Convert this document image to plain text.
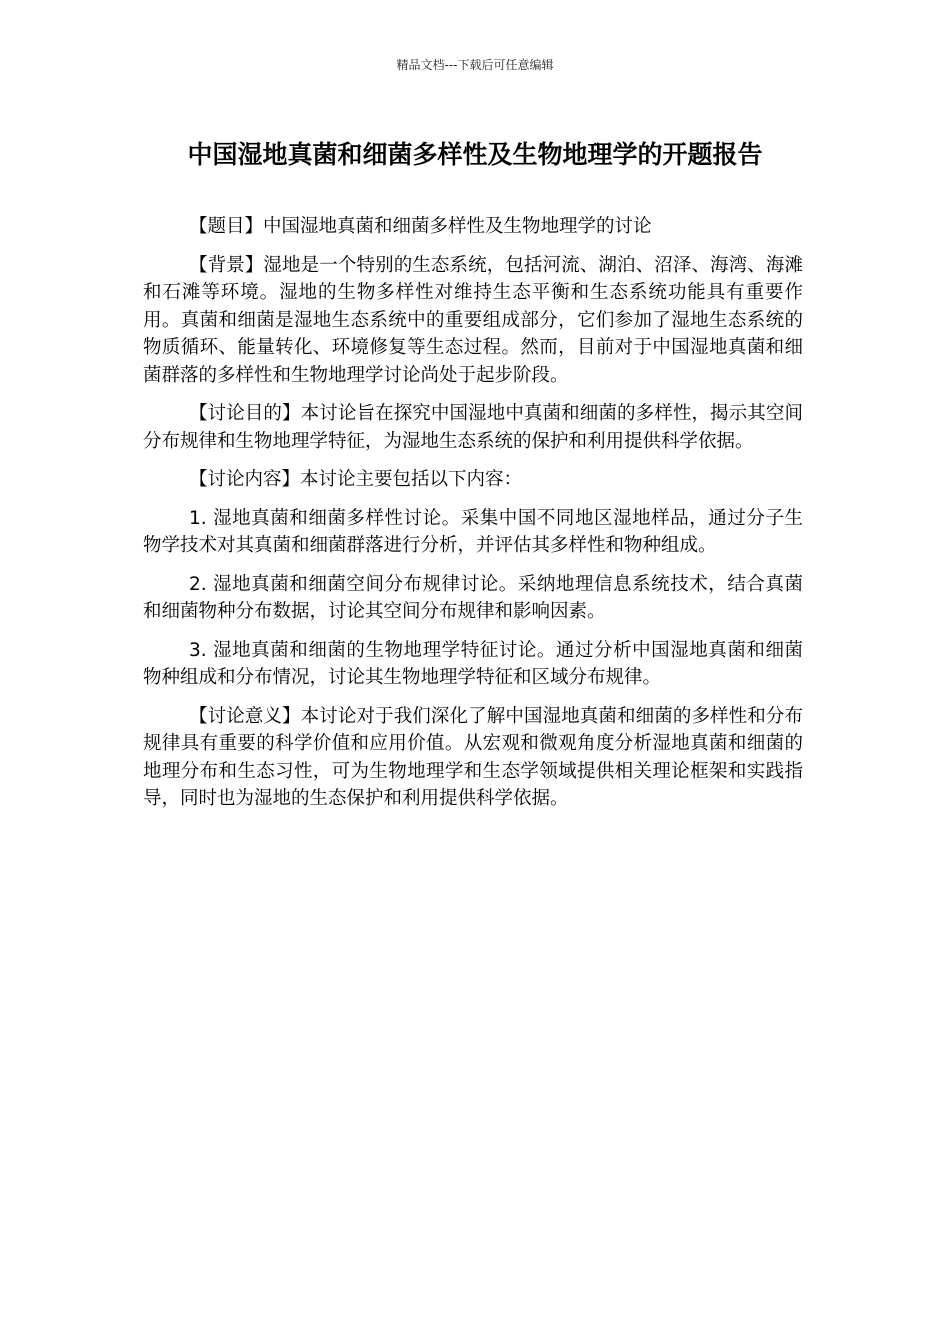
精品文档---下载后可任意编辑
中国湿地真菌和细菌多样性及生物地理学的开题报告

【题目】中国湿地真菌和细菌多样性及生物地理学的讨论

【背景】湿地是一个特别的生态系统，包括河流、湖泊、沼泽、海湾、海滩和石滩等环境。湿地的生物多样性对维持生态平衡和生态系统功能具有重要作用。真菌和细菌是湿地生态系统中的重要组成部分，它们参加了湿地生态系统的物质循环、能量转化、环境修复等生态过程。然而，目前对于中国湿地真菌和细菌群落的多样性和生物地理学讨论尚处于起步阶段。

【讨论目的】本讨论旨在探究中国湿地中真菌和细菌的多样性，揭示其空间分布规律和生物地理学特征，为湿地生态系统的保护和利用提供科学依据。

【讨论内容】本讨论主要包括以下内容：

1. 湿地真菌和细菌多样性讨论。采集中国不同地区湿地样品，通过分子生物学技术对其真菌和细菌群落进行分析，并评估其多样性和物种组成。

2. 湿地真菌和细菌空间分布规律讨论。采纳地理信息系统技术，结合真菌和细菌物种分布数据，讨论其空间分布规律和影响因素。

3. 湿地真菌和细菌的生物地理学特征讨论。通过分析中国湿地真菌和细菌物种组成和分布情况，讨论其生物地理学特征和区域分布规律。

【讨论意义】本讨论对于我们深化了解中国湿地真菌和细菌的多样性和分布规律具有重要的科学价值和应用价值。从宏观和微观角度分析湿地真菌和细菌的地理分布和生态习性，可为生物地理学和生态学领域提供相关理论框架和实践指导，同时也为湿地的生态保护和利用提供科学依据。
